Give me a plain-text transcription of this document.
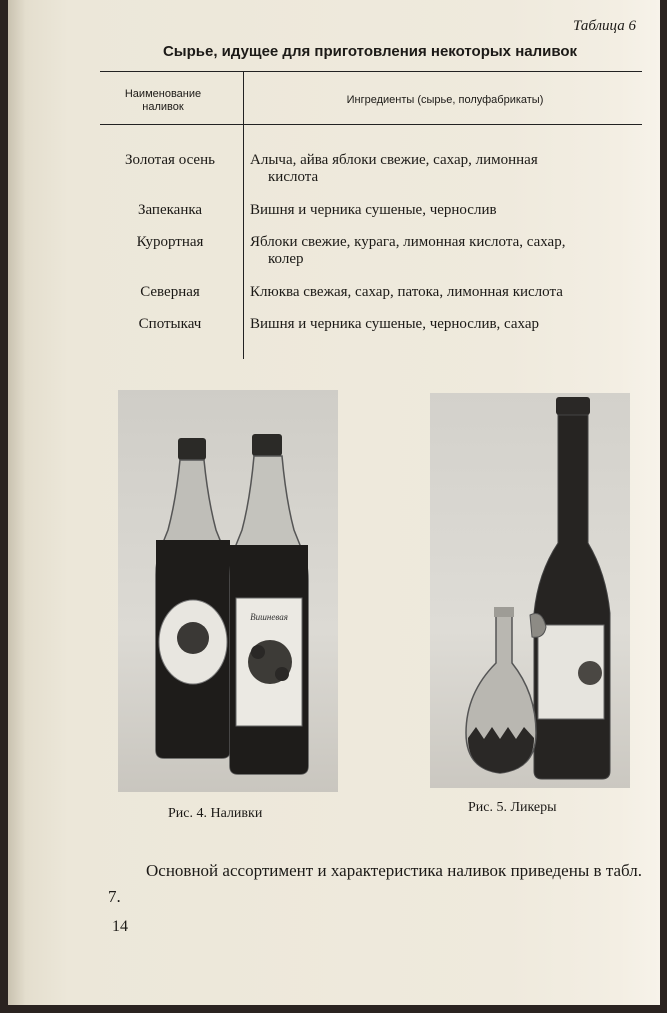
Таблица 6
Сырье, идущее для приготовления некоторых наливок
Наименование наливок
Ингредиенты (сырье, полуфабрикаты)
Золотая осень	Алыча, айва яблоки свежие, сахар, лимонная
кислота
Запеканка	Вишня и черника сушеные, чернослив
Курортная	Яблоки свежие, курага, лимонная кислота, сахар,
колер
Северная	Клюква свежая, сахар, патока, лимонная кислота
Спотыкач	Вишня и черника сушеные, чернослив, сахар
Вишневая
Рис. 4. Наливки	Рис. 5. Ликеры
Основной ассортимент и характеристика наливок приведены в табл. 7.
14
